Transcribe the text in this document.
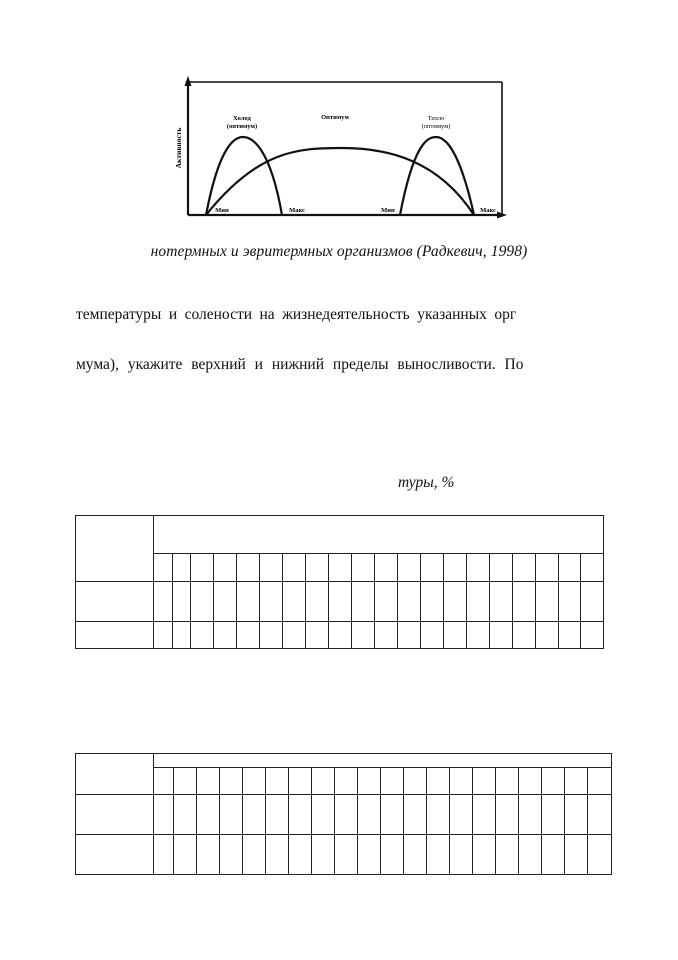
Активность
Холод
(оптимум)
Оптимум	Тепло
(оптимум)
Мин	Макс	Мин	Макс
нотермных и эвритермных организмов (Радкевич, 1998)
температуры и солености на жизнедеятельность указанных орг
мума), укажите верхний и нижний пределы выносливости. По
туры, %
